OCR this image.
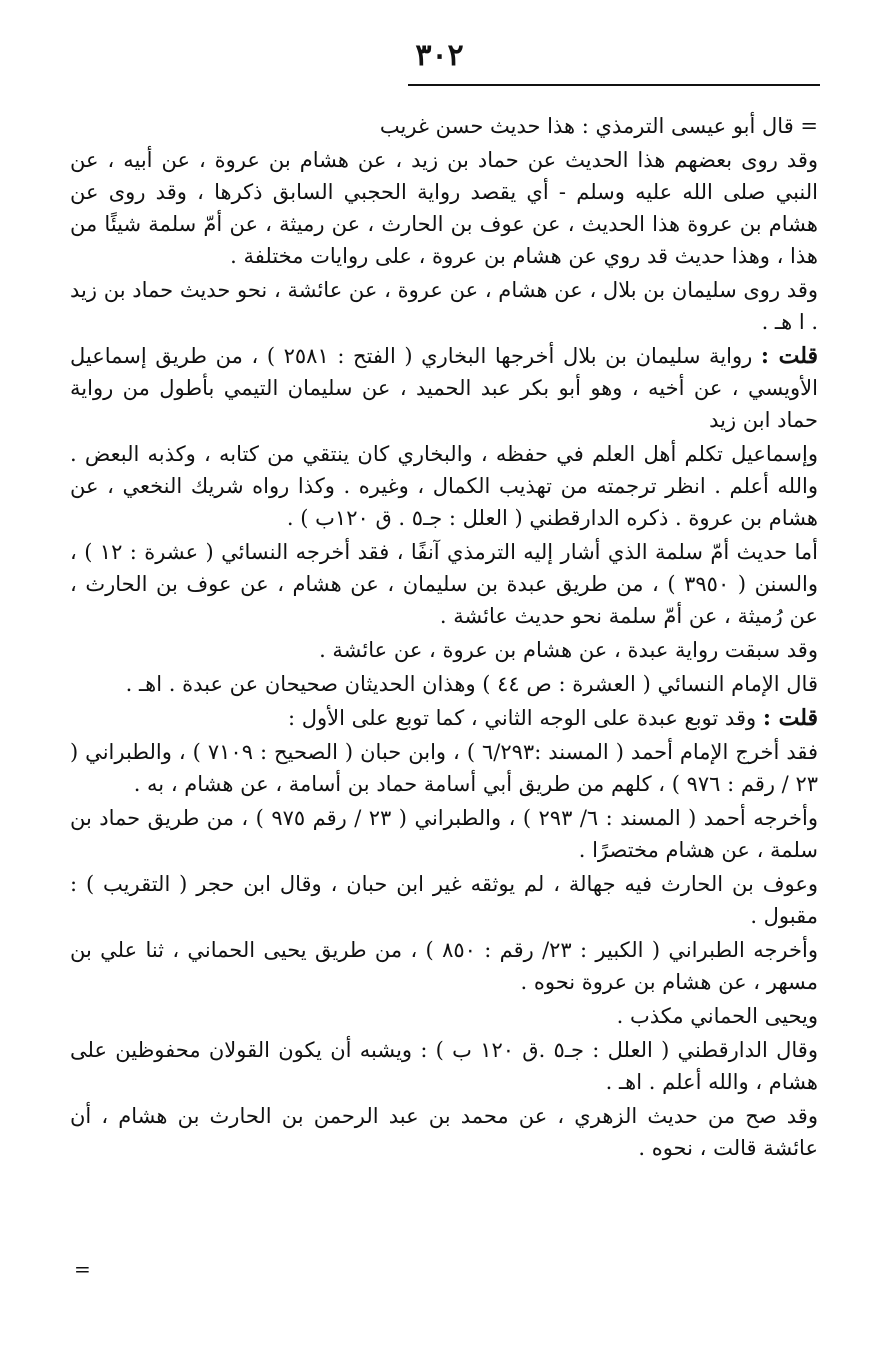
٣٠٢

= قال أبو عيسى الترمذي : هذا حديث حسن غريب

وقد روى بعضهم هذا الحديث عن حماد بن زيد ، عن هشام بن عروة ، عن أبيه ، عن النبي صلى الله عليه وسلم - أي يقصد رواية الحجبي السابق ذكرها ، وقد روى عن هشام بن عروة هذا الحديث ، عن عوف بن الحارث ، عن رميثة ، عن أمّ سلمة شيئًا من هذا ، وهذا حديث قد روي عن هشام بن عروة ، على روايات مختلفة .

وقد روى سليمان بن بلال ، عن هشام ، عن عروة ، عن عائشة ، نحو حديث حماد بن زيد . ا هـ .

قلت : رواية سليمان بن بلال أخرجها البخاري ( الفتح : ٢٥٨١ ) ، من طريق إسماعيل الأويسي ، عن أخيه ، وهو أبو بكر عبد الحميد ، عن سليمان التيمي بأطول من رواية حماد ابن زيد

وإسماعيل تكلم أهل العلم في حفظه ، والبخاري كان ينتقي من كتابه ، وكذبه البعض . والله أعلم . انظر ترجمته من تهذيب الكمال ، وغيره . وكذا رواه شريك النخعي ، عن هشام بن عروة . ذكره الدارقطني ( العلل : جـ٥ . ق ١٢٠ب ) .

أما حديث أمّ سلمة الذي أشار إليه الترمذي آنفًا ، فقد أخرجه النسائي ( عشرة : ١٢ ) ، والسنن ( ٣٩٥٠ ) ، من طريق عبدة بن سليمان ، عن هشام ، عن عوف بن الحارث ، عن رُميثة ، عن أمّ سلمة نحو حديث عائشة .

وقد سبقت رواية عبدة ، عن هشام بن عروة ، عن عائشة .

قال الإمام النسائي ( العشرة : ص ٤٤ ) وهذان الحديثان صحيحان عن عبدة . اهـ .

قلت : وقد توبع عبدة على الوجه الثاني ، كما توبع على الأول :

فقد أخرج الإمام أحمد ( المسند :٦/٢٩٣ ) ، وابن حبان ( الصحيح : ٧١٠٩ ) ، والطبراني ( ٢٣ / رقم : ٩٧٦ ) ، كلهم من طريق أبي أسامة حماد بن أسامة ، عن هشام ، به .

وأخرجه أحمد ( المسند : ٦/ ٢٩٣ ) ، والطبراني ( ٢٣ / رقم ٩٧٥ ) ، من طريق حماد بن سلمة ، عن هشام مختصرًا .

وعوف بن الحارث فيه جهالة ، لم يوثقه غير ابن حبان ، وقال ابن حجر ( التقريب ) : مقبول .

وأخرجه الطبراني ( الكبير : ٢٣/ رقم : ٨٥٠ ) ، من طريق يحيى الحماني ، ثنا علي بن مسهر ، عن هشام بن عروة نحوه .

ويحيى الحماني مكذب .

وقال الدارقطني ( العلل : جـ٥ .ق ١٢٠ ب ) : ويشبه أن يكون القولان محفوظين على هشام ، والله أعلم . اهـ .

وقد صح من حديث الزهري ، عن محمد بن عبد الرحمن بن الحارث بن هشام ، أن عائشة قالت ، نحوه .

=
